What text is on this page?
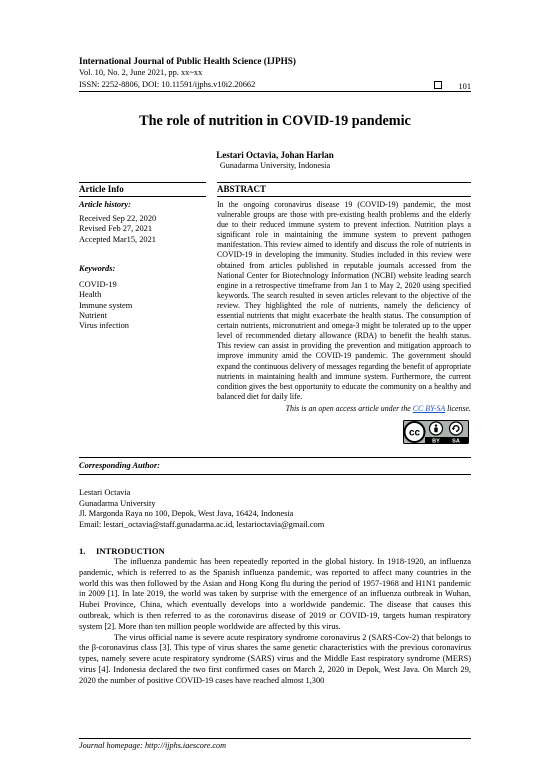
International Journal of Public Health Science (IJPHS)
Vol. 10, No. 2, June 2021, pp. xx~xx
ISSN: 2252-8806, DOI: 10.11591/ijphs.v10i2.20662	101
The role of nutrition in COVID-19 pandemic
Lestari Octavia, Johan Harlan
Gunadarma University, Indonesia
Article Info	ABSTRACT
Article history:
Received Sep 22, 2020
Revised Feb 27, 2021
Accepted Mar15, 2021
Keywords:
COVID-19
Health
Immune system
Nutrient
Virus infection
In the ongoing coronavirus disease 19 (COVID-19) pandemic, the most vulnerable groups are those with pre-existing health problems and the elderly due to their reduced immune system to prevent infection. Nutrition plays a significant role in maintaining the immune system to prevent pathogen manifestation. This review aimed to identify and discuss the role of nutrients in COVID-19 in developing the immunity. Studies included in this review were obtained from articles published in reputable journals accessed from the National Center for Biotechnology Information (NCBI) website leading search engine in a retrospective timeframe from Jan 1 to May 2, 2020 using specified keywords. The search resulted in seven articles relevant to the objective of the review. They highlighted the role of nutrients, namely the deficiency of essential nutrients that might exacerbate the health status. The consumption of certain nutrients, micronutrient and omega-3 might be tolerated up to the upper level of recommended dietary allowance (RDA) to benefit the health status. This review can assist in providing the prevention and mitigation approach to improve immunity amid the COVID-19 pandemic. The government should expand the continuous delivery of messages regarding the benefit of appropriate nutrients in maintaining health and immune system. Furthermore, the current condition gives the best opportunity to educate the community on a healthy and balanced diet for daily life.
This is an open access article under the CC BY-SA license.
cc
BY SA
Corresponding Author:
Lestari Octavia
Gunadarma University
Jl. Margonda Raya no 100, Depok, West Java, 16424, Indonesia
Email: lestari_octavia@staff.gunadarma.ac.id, lestarioctavia@gmail.com
1. INTRODUCTION

The influenza pandemic has been repeatedly reported in the global history. In 1918-1920, an influenza pandemic, which is referred to as the Spanish influenza pandemic, was reported to affect many countries in the world this was then followed by the Asian and Hong Kong flu during the period of 1957-1968 and H1N1 pandemic in 2009 [1]. In late 2019, the world was taken by surprise with the emergence of an influenza outbreak in Wuhan, Hubei Province, China, which eventually develops into a worldwide pandemic. The disease that causes this outbreak, which is then referred to as the coronavirus disease of 2019 or COVID-19, targets human respiratory system [2]. More than ten million people worldwide are affected by this virus.

The virus official name is severe acute respiratory syndrome coronavirus 2 (SARS-Cov-2) that belongs to the β-coronavirus class [3]. This type of virus shares the same genetic characteristics with the previous coronavirus types, namely severe acute respiratory syndrome (SARS) virus and the Middle East respiratory syndrome (MERS) virus [4]. Indonesia declared the two first confirmed cases on March 2, 2020 in Depok, West Java. On March 29, 2020 the number of positive COVID-19 cases have reached almost 1,300

Journal homepage: http://ijphs.iaescore.com
